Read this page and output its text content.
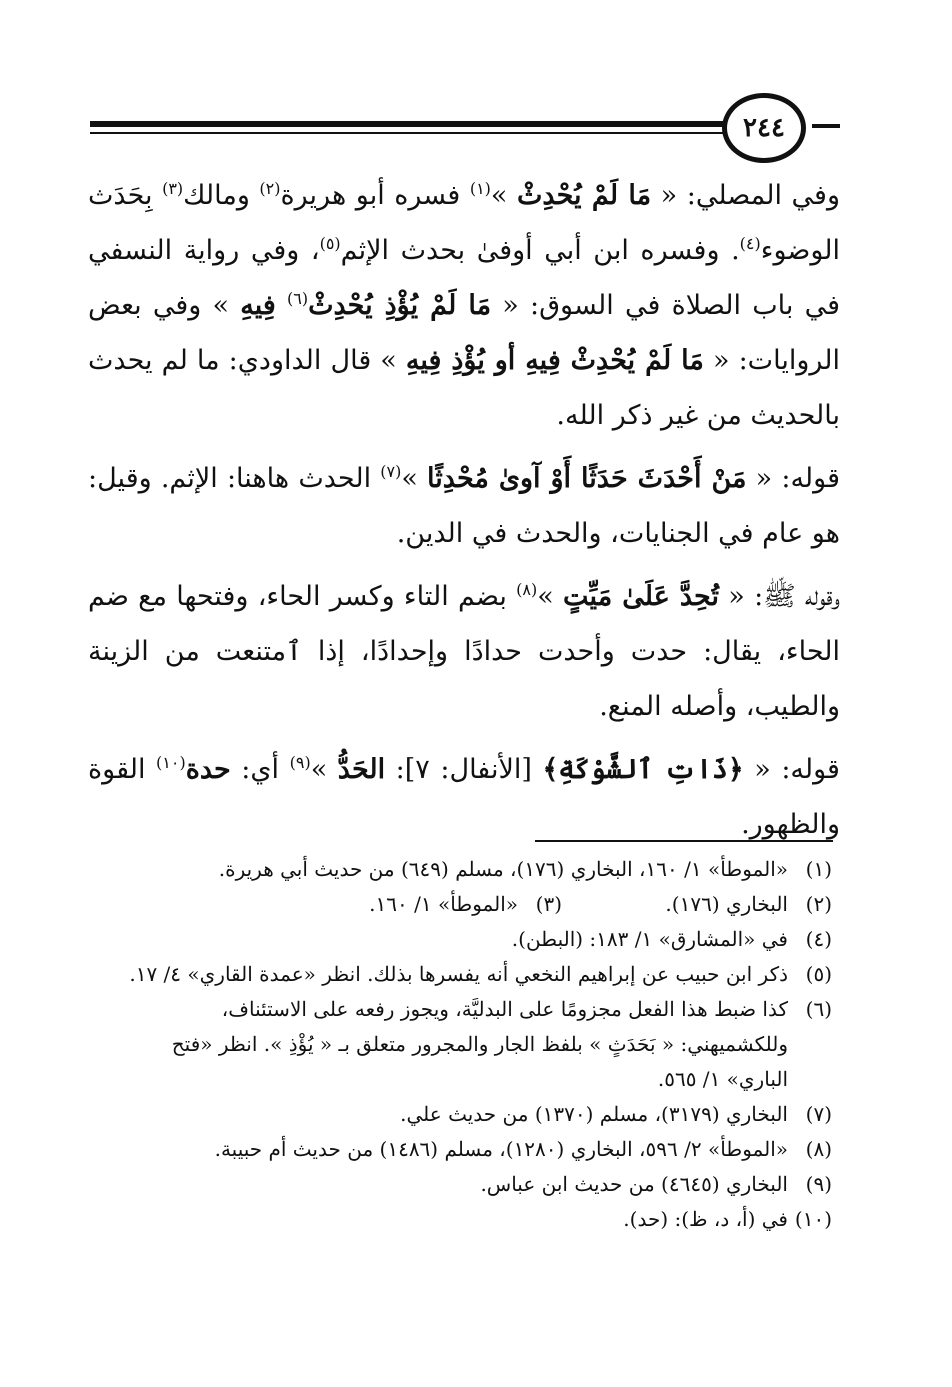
٢٤٤

وفي المصلي: « مَا لَمْ يُحْدِثْ »$^{(١)}$ فسره أبو هريرة$^{(٢)}$ ومالك$^{(٣)}$ بِحَدَث الوضوء$^{(٤)}$. وفسره ابن أبي أوفىٰ بحدث الإثم$^{(٥)}$، وفي رواية النسفي في باب الصلاة في السوق: « مَا لَمْ يُؤْذِ يُحْدِثْ$^{(٦)}$ فِيهِ » وفي بعض الروايات: « مَا لَمْ يُحْدِثْ فِيهِ أو يُؤْذِ فِيهِ » قال الداودي: ما لم يحدث بالحديث من غير ذكر الله.

قوله: « مَنْ أَحْدَثَ حَدَثًا أَوْ آوىٰ مُحْدِثًا »$^{(٧)}$ الحدث هاهنا: الإثم. وقيل: هو عام في الجنايات، والحدث في الدين.

وقوله ﷺ: « تُحِدَّ عَلَىٰ مَيِّتٍ »$^{(٨)}$ بضم التاء وكسر الحاء، وفتحها مع ضم الحاء، يقال: حدت وأحدت حدادًا وإحدادًا، إذا ٱمتنعت من الزينة والطيب، وأصله المنع.

قوله: « ﴿ذَاتِ ٱلشَّوْكَةِ﴾ [الأنفال: ٧]: الحَدُّ »$^{(٩)}$ أي: حدة$^{(١٠)}$ القوة والظهور.

(١)
«الموطأ» ١/ ١٦٠، البخاري (١٧٦)، مسلم (٦٤٩) من حديث أبي هريرة.
(٢)
البخاري (١٧٦).
(٣)
«الموطأ» ١/ ١٦٠.
(٤)
في «المشارق» ١/ ١٨٣: (البطن).
(٥)
ذكر ابن حبيب عن إبراهيم النخعي أنه يفسرها بذلك. انظر «عمدة القاري» ٤/ ١٧.
(٦)
كذا ضبط هذا الفعل مجزومًا على البدليَّة، ويجوز رفعه على الاستئناف، وللكشميهني: « بَحَدَثٍ » بلفظ الجار والمجرور متعلق بـ « يُؤْذِ ». انظر «فتح الباري» ١/ ٥٦٥.
(٧)
البخاري (٣١٧٩)، مسلم (١٣٧٠) من حديث علي.
(٨)
«الموطأ» ٢/ ٥٩٦، البخاري (١٢٨٠)، مسلم (١٤٨٦) من حديث أم حبيبة.
(٩)
البخاري (٤٦٤٥) من حديث ابن عباس.
(١٠)
في (أ، د، ظ): (حد).
